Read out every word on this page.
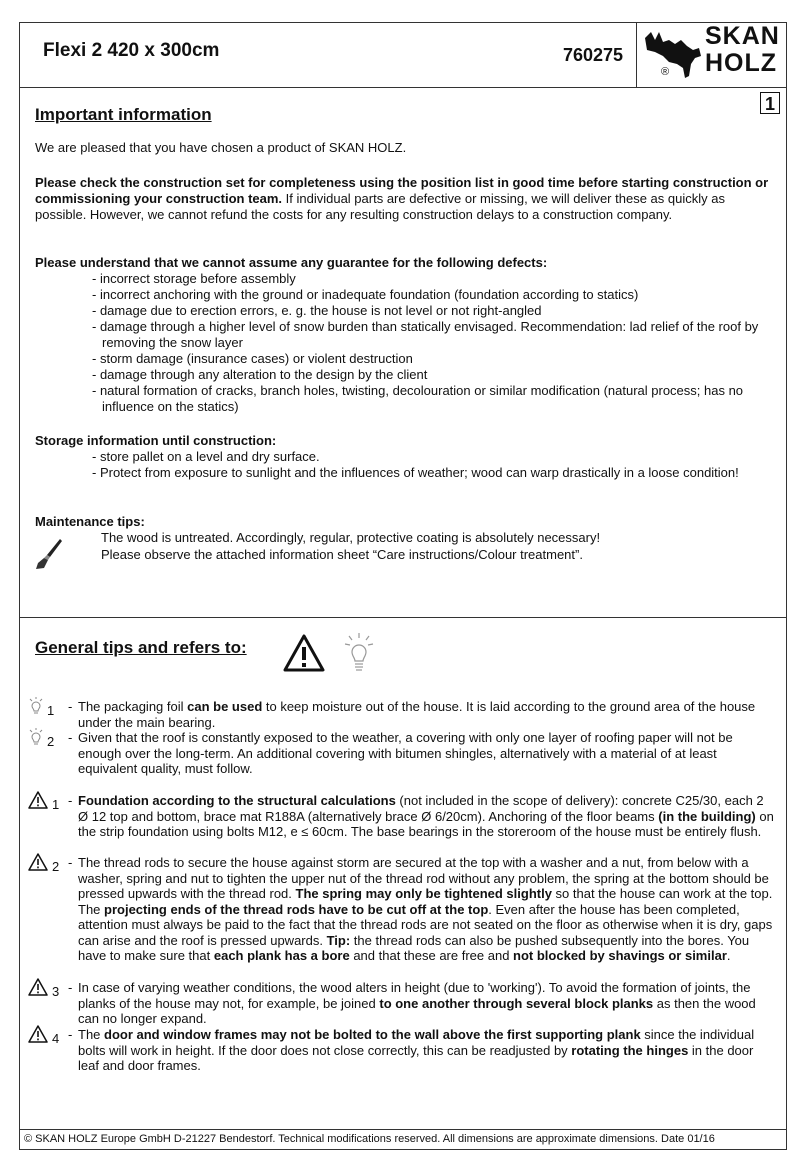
Flexi 2 420 x 300cm	760275
SKAN
HOLZ
®
1
Important information
We are pleased that you have chosen a product of SKAN HOLZ.
Please check the construction set for completeness using the position list in good time before starting construction or commissioning your construction team. If individual parts are defective or missing, we will deliver these as quickly as possible. However, we cannot refund the costs for any resulting construction delays to a construction company.
Please understand that we cannot assume any guarantee for the following defects:
- incorrect storage before assembly
- incorrect anchoring with the ground or inadequate foundation (foundation according to statics)
- damage due to erection errors, e. g. the house is not level or not right-angled
- damage through a higher level of snow burden than statically envisaged. Recommendation: lad relief of the roof by removing the snow layer
- storm damage (insurance cases) or violent destruction
- damage through any alteration to the design by the client
- natural formation of cracks, branch holes, twisting, decolouration or similar modification (natural process; has no influence on the statics)
Storage information until construction:
- store pallet on a level and dry surface.
- Protect from exposure to sunlight and the influences of weather; wood can warp drastically in a loose condition!
Maintenance tips:
The wood is untreated. Accordingly, regular, protective coating is absolutely necessary!
Please observe the attached information sheet “Care instructions/Colour treatment”.
General tips and refers to:
1 - The packaging foil can be used to keep moisture out of the house. It is laid according to the ground area of the house under the main bearing.
2 - Given that the roof is constantly exposed to the weather, a covering with only one layer of roofing paper will not be enough over the long-term. An additional covering with bitumen shingles, alternatively with a material of at least equivalent quality, must follow.
1 - Foundation according to the structural calculations (not included in the scope of delivery): concrete C25/30, each 2 Ø 12 top and bottom, brace mat R188A (alternatively brace Ø 6/20cm). Anchoring of the floor beams (in the building) on the strip foundation using bolts M12, e ≤ 60cm. The base bearings in the storeroom of the house must be entirely flush.
2 - The thread rods to secure the house against storm are secured at the top with a washer and a nut, from below with a washer, spring and nut to tighten the upper nut of the thread rod without any problem, the spring at the bottom should be pressed upwards with the thread rod. The spring may only be tightened slightly so that the house can work at the top. The projecting ends of the thread rods have to be cut off at the top. Even after the house has been completed, attention must always be paid to the fact that the thread rods are not seated on the floor as otherwise when it is dry, gaps can arise and the roof is pressed upwards. Tip: the thread rods can also be pushed subsequently into the bores. You have to make sure that each plank has a bore and that these are free and not blocked by shavings or similar.
3 - In case of varying weather conditions, the wood alters in height (due to 'working'). To avoid the formation of joints, the planks of the house may not, for example, be joined to one another through several block planks as then the wood can no longer expand.
4 - The door and window frames may not be bolted to the wall above the first supporting plank since the individual bolts will work in height. If the door does not close correctly, this can be readjusted by rotating the hinges in the door leaf and door frames.
© SKAN HOLZ Europe GmbH D-21227 Bendestorf. Technical modifications reserved. All dimensions are approximate dimensions. Date 01/16
